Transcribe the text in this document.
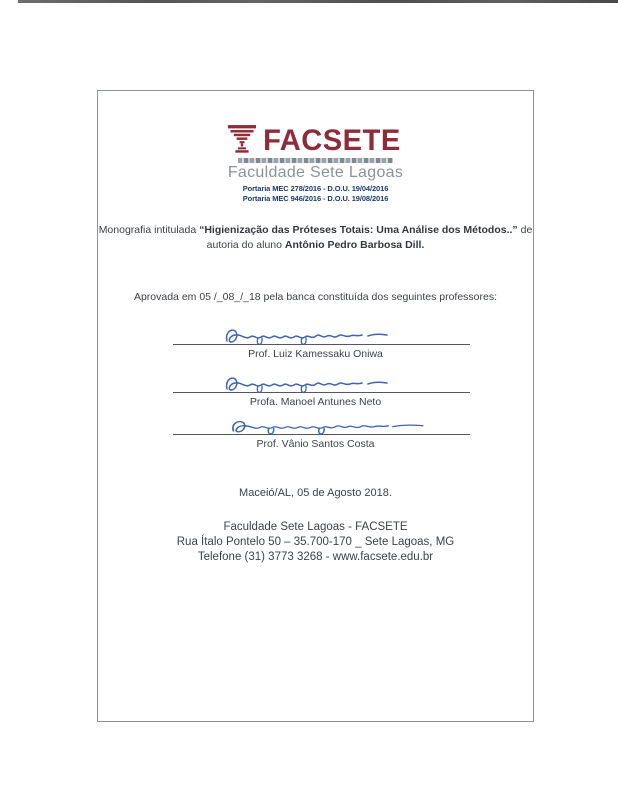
FACSETE
Faculdade Sete Lagoas
Portaria MEC 278/2016 - D.O.U. 19/04/2016
Portaria MEC 946/2016 - D.O.U. 19/08/2016
Monografia intitulada “Higienização das Próteses Totais: Uma Análise dos Métodos..” de
autoria do aluno Antônio Pedro Barbosa Dill.
Aprovada em 05 /_08_/_18 pela banca constituída dos seguintes professores:
Prof. Luiz Kamessaku Oniwa
Profa. Manoel Antunes Neto
Prof. Vânio Santos Costa
Maceió/AL, 05 de Agosto 2018.
Faculdade Sete Lagoas - FACSETE
Rua Ítalo Pontelo 50 – 35.700-170 _ Sete Lagoas, MG
Telefone (31) 3773 3268 - www.facsete.edu.br
